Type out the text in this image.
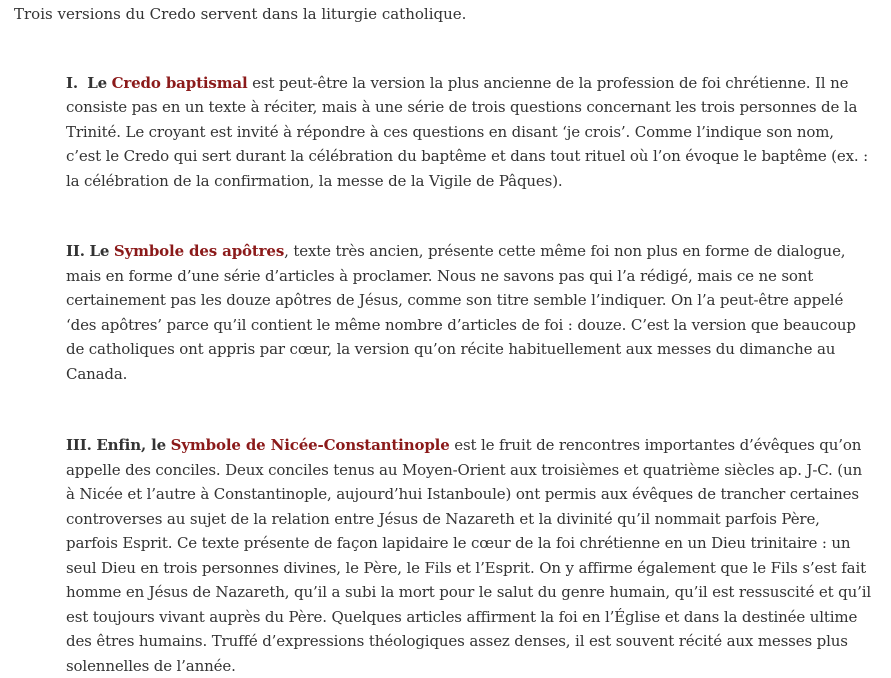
Trois versions du Credo servent dans la liturgie catholique.

I. Le Credo baptismal est peut-être la version la plus ancienne de la profession de foi chrétienne. Il ne consiste pas en un texte à réciter, mais à une série de trois questions concernant les trois personnes de la Trinité. Le croyant est invité à répondre à ces questions en disant ‘je crois’. Comme l’indique son nom, c’est le Credo qui sert durant la célébration du baptême et dans tout rituel où l’on évoque le baptême (ex. : la célébration de la confirmation, la messe de la Vigile de Pâques).

II. Le Symbole des apôtres, texte très ancien, présente cette même foi non plus en forme de dialogue, mais en forme d’une série d’articles à proclamer. Nous ne savons pas qui l’a rédigé, mais ce ne sont certainement pas les douze apôtres de Jésus, comme son titre semble l’indiquer. On l’a peut-être appelé ‘des apôtres’ parce qu’il contient le même nombre d’articles de foi : douze. C’est la version que beaucoup de catholiques ont appris par cœur, la version qu’on récite habituellement aux messes du dimanche au Canada.

III. Enfin, le Symbole de Nicée-Constantinople est le fruit de rencontres importantes d’évêques qu’on appelle des conciles. Deux conciles tenus au Moyen-Orient aux troisièmes et quatrième siècles ap. J-C. (un à Nicée et l’autre à Constantinople, aujourd’hui Istanboule) ont permis aux évêques de trancher certaines controverses au sujet de la relation entre Jésus de Nazareth et la divinité qu’il nommait parfois Père, parfois Esprit. Ce texte présente de façon lapidaire le cœur de la foi chrétienne en un Dieu trinitaire : un seul Dieu en trois personnes divines, le Père, le Fils et l’Esprit. On y affirme également que le Fils s’est fait homme en Jésus de Nazareth, qu’il a subi la mort pour le salut du genre humain, qu’il est ressuscité et qu’il est toujours vivant auprès du Père. Quelques articles affirment la foi en l’Église et dans la destinée ultime des êtres humains. Truffé d’expressions théologiques assez denses, il est souvent récité aux messes plus solennelles de l’année.
